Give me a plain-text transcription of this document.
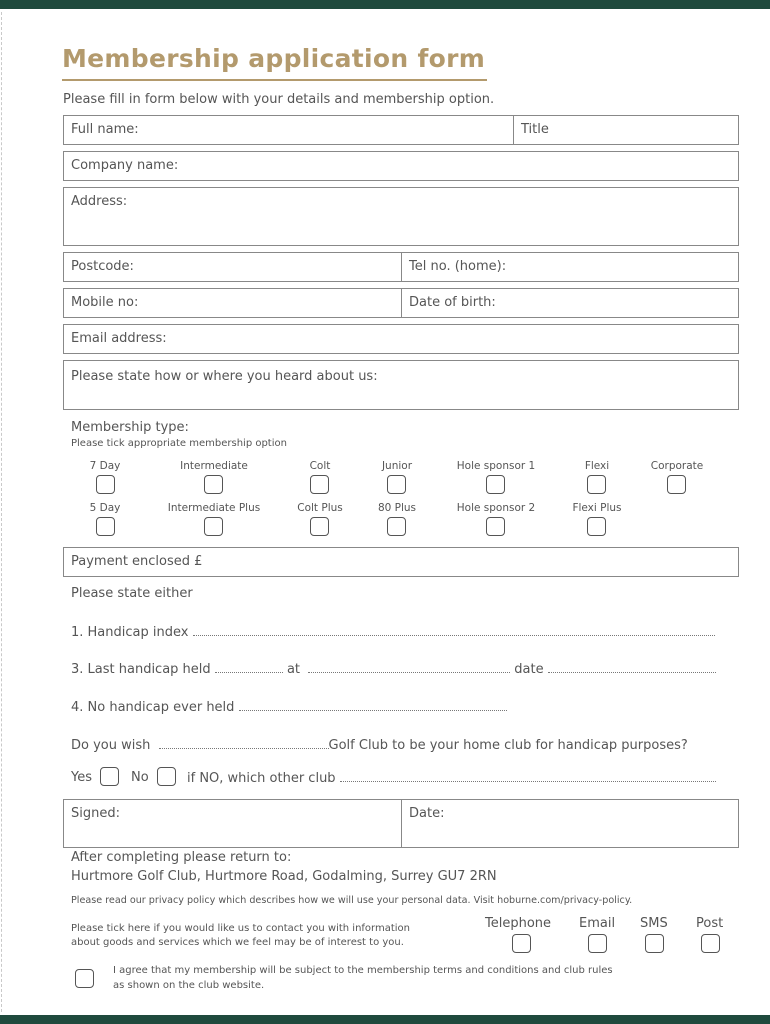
Membership application form
Please fill in form below with your details and membership option.
Full name:	Title
Company name:
Address:
Postcode:	Tel no. (home):
Mobile no:	Date of birth:
Email address:
Please state how or where you heard about us:
Membership type:
Please tick appropriate membership option
7 Day	Intermediate	Colt	Junior	Hole sponsor 1	Flexi	Corporate
5 Day	Intermediate Plus	Colt Plus	80 Plus	Hole sponsor 2	Flexi Plus
Payment enclosed £
Please state either
1. Handicap index
3. Last handicap held	at	date
4. No handicap ever held
Do you wish	Golf Club to be your home club for handicap purposes?
Yes	No	if NO, which other club
Signed:	Date:
After completing please return to:
Hurtmore Golf Club, Hurtmore Road, Godalming, Surrey GU7 2RN
Please read our privacy policy which describes how we will use your personal data. Visit hoburne.com/privacy-policy.
Please tick here if you would like us to contact you with information
about goods and services which we feel may be of interest to you.
Telephone Email SMS Post
I agree that my membership will be subject to the membership terms and conditions and club rules
as shown on the club website.
